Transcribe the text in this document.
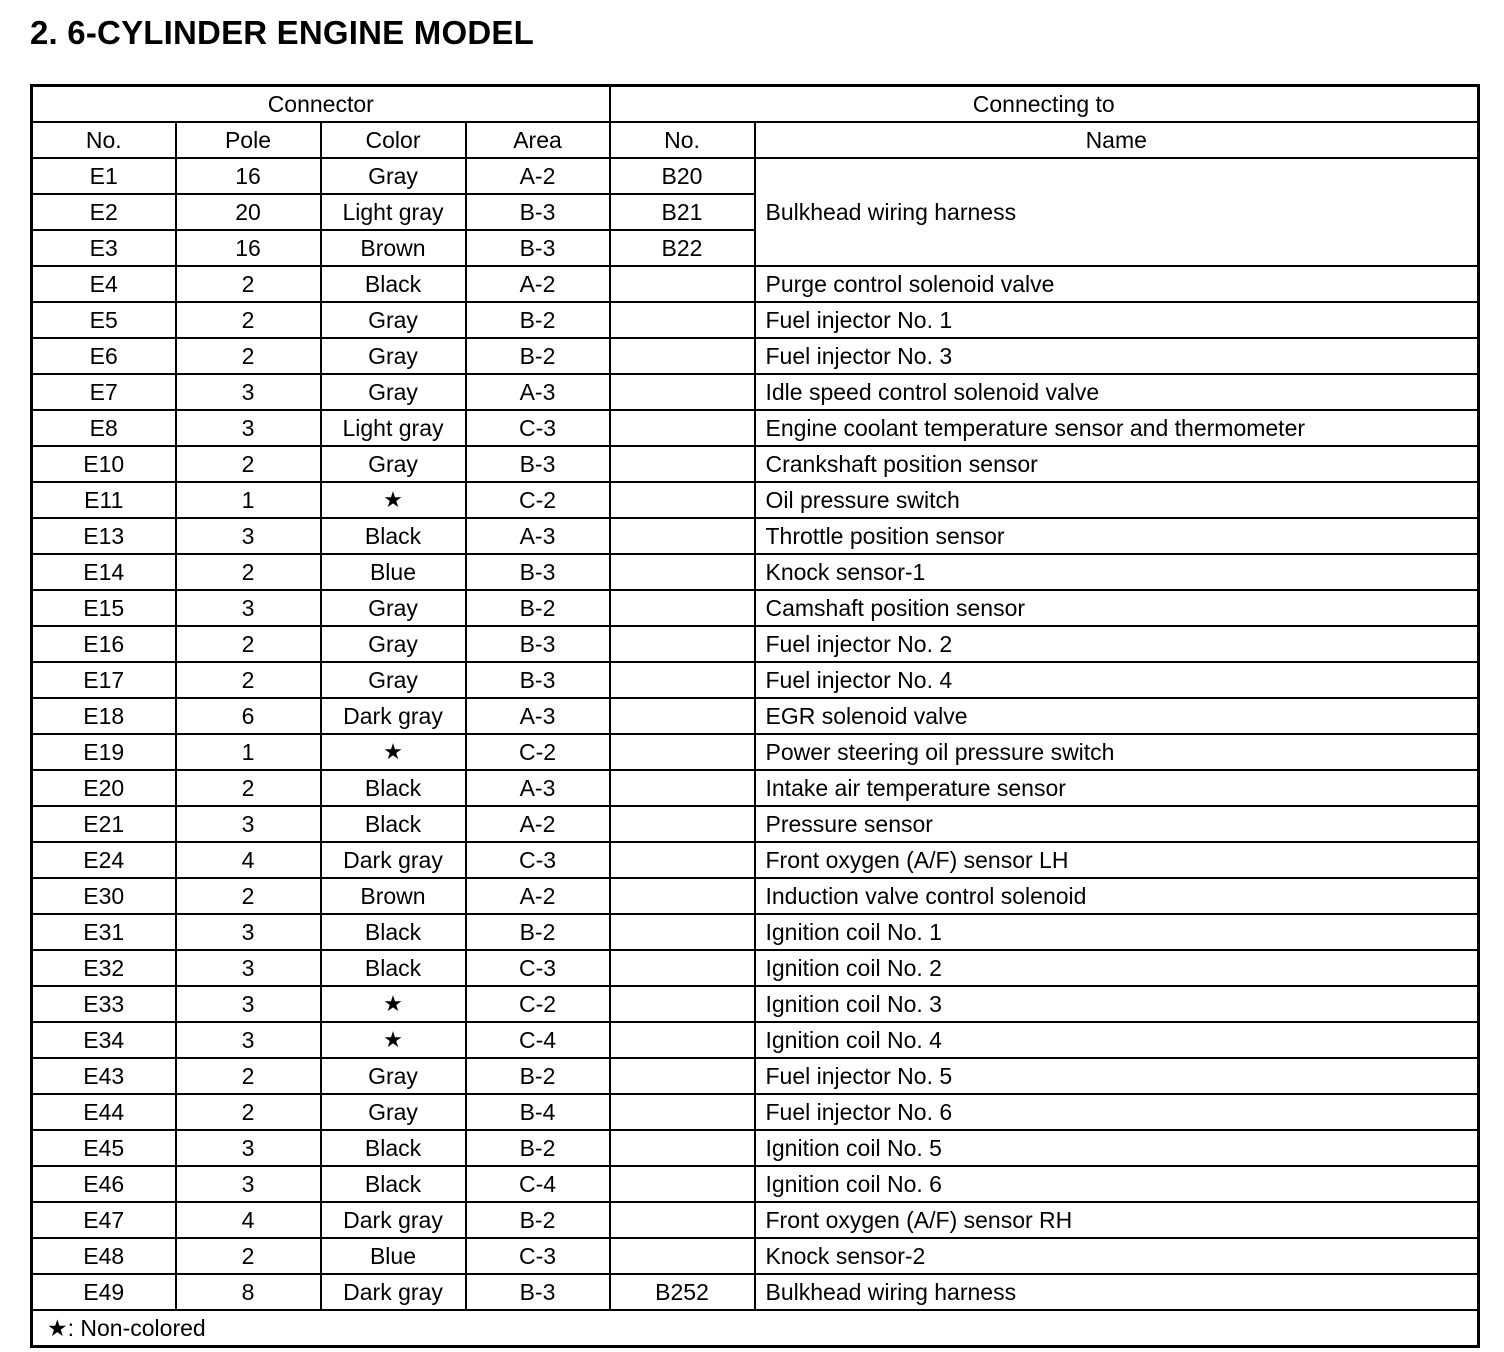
2. 6-CYLINDER ENGINE MODEL
Connector				Connecting to	
No.	Pole	Color	Area	No.	Name
E1	16	Gray	A-2	B20	Bulkhead wiring harness
E2	20	Light gray	B-3	B21	
E3	16	Brown	B-3	B22	
E4	2	Black	A-2		Purge control solenoid valve
E5	2	Gray	B-2		Fuel injector No. 1
E6	2	Gray	B-2		Fuel injector No. 3
E7	3	Gray	A-3		Idle speed control solenoid valve
E8	3	Light gray	C-3		Engine coolant temperature sensor and thermometer
E10	2	Gray	B-3		Crankshaft position sensor
E11	1	★	C-2		Oil pressure switch
E13	3	Black	A-3		Throttle position sensor
E14	2	Blue	B-3		Knock sensor-1
E15	3	Gray	B-2		Camshaft position sensor
E16	2	Gray	B-3		Fuel injector No. 2
E17	2	Gray	B-3		Fuel injector No. 4
E18	6	Dark gray	A-3		EGR solenoid valve
E19	1	★	C-2		Power steering oil pressure switch
E20	2	Black	A-3		Intake air temperature sensor
E21	3	Black	A-2		Pressure sensor
E24	4	Dark gray	C-3		Front oxygen (A/F) sensor LH
E30	2	Brown	A-2		Induction valve control solenoid
E31	3	Black	B-2		Ignition coil No. 1
E32	3	Black	C-3		Ignition coil No. 2
E33	3	★	C-2		Ignition coil No. 3
E34	3	★	C-4		Ignition coil No. 4
E43	2	Gray	B-2		Fuel injector No. 5
E44	2	Gray	B-4		Fuel injector No. 6
E45	3	Black	B-2		Ignition coil No. 5
E46	3	Black	C-4		Ignition coil No. 6
E47	4	Dark gray	B-2		Front oxygen (A/F) sensor RH
E48	2	Blue	C-3		Knock sensor-2
E49	8	Dark gray	B-3	B252	Bulkhead wiring harness
★: Non-colored					
